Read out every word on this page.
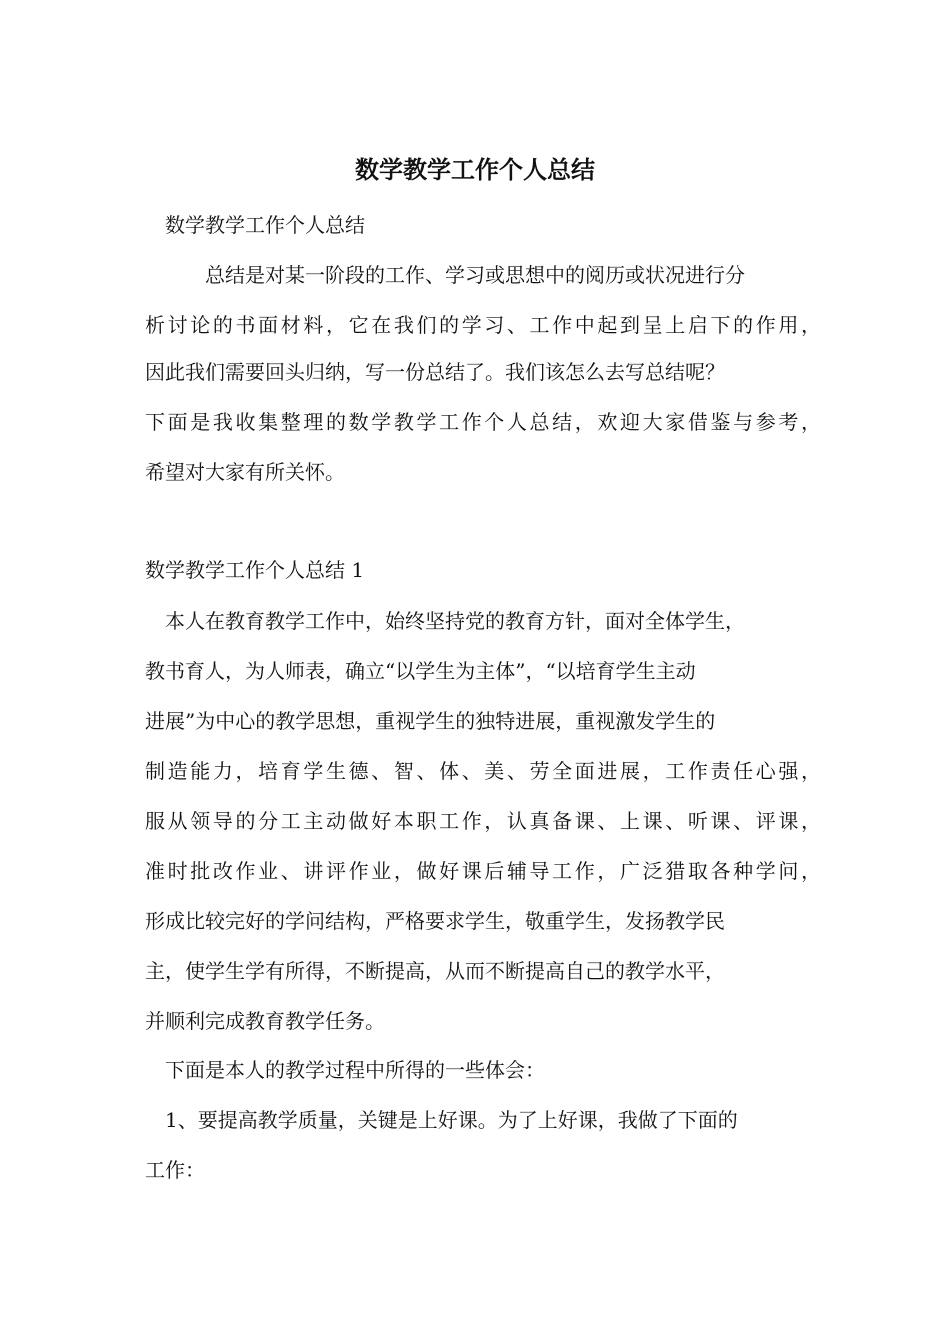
数学教学工作个人总结
数学教学工作个人总结
总结是对某一阶段的工作、学习或思想中的阅历或状况进行分
析讨论的书面材料，它在我们的学习、工作中起到呈上启下的作用，
因此我们需要回头归纳，写一份总结了。我们该怎么去写总结呢？
下面是我收集整理的数学教学工作个人总结，欢迎大家借鉴与参考，
希望对大家有所关怀。
数学教学工作个人总结 1
本人在教育教学工作中，始终坚持党的教育方针，面对全体学生，
教书育人，为人师表，确立“以学生为主体”，“以培育学生主动
进展”为中心的教学思想，重视学生的独特进展，重视激发学生的
制造能力，培育学生德、智、体、美、劳全面进展，工作责任心强，
服从领导的分工主动做好本职工作，认真备课、上课、听课、评课，
准时批改作业、讲评作业，做好课后辅导工作，广泛猎取各种学问，
形成比较完好的学问结构，严格要求学生，敬重学生，发扬教学民
主，使学生学有所得，不断提高，从而不断提高自己的教学水平，
并顺利完成教育教学任务。
下面是本人的教学过程中所得的一些体会：
1、要提高教学质量，关键是上好课。为了上好课，我做了下面的
工作：
